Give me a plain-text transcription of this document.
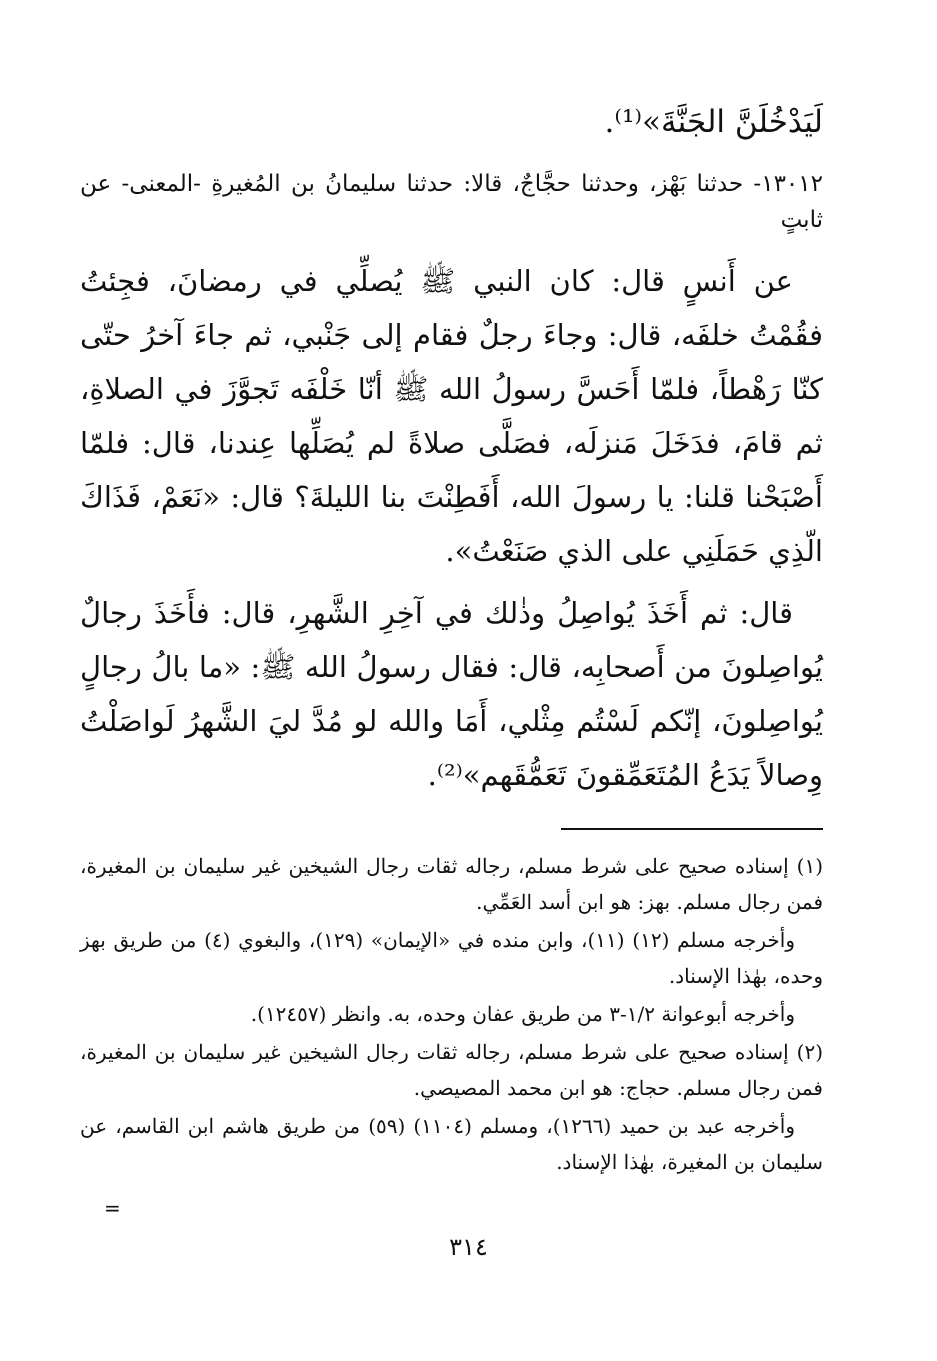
لَيَدْخُلَنَّ الجَنَّةَ»⁽¹⁾.

١٣٠١٢- حدثنا بَهْز، وحدثنا حجَّاجٌ، قالا: حدثنا سليمانُ بن المُغيرةِ -المعنى- عن ثابتٍ

عن أَنسٍ قال: كان النبي ﷺ يُصلِّي في رمضانَ، فجِئتُ فقُمْتُ خلفَه، قال: وجاءَ رجلٌ فقام إلى جَنْبي، ثم جاءَ آخرُ حتّى كنّا رَهْطاً، فلمّا أَحَسَّ رسولُ الله ﷺ أنّا خَلْفَه تَجوَّزَ في الصلاةِ، ثم قامَ، فدَخَلَ مَنزلَه، فصَلَّى صلاةً لم يُصَلِّها عِندنا، قال: فلمّا أَصْبَحْنا قلنا: يا رسولَ الله، أَفَطِنْتَ بنا الليلةَ؟ قال: «نَعَمْ، فَذَاكَ الّذِي حَمَلَنِي على الذي صَنَعْتُ».

قال: ثم أَخَذَ يُواصِلُ وذٰلك في آخِرِ الشَّهرِ، قال: فأَخَذَ رجالٌ يُواصِلونَ من أَصحابِه، قال: فقال رسولُ الله ﷺ: «ما بالُ رجالٍ يُواصِلونَ، إنّكم لَسْتُم مِثْلي، أَمَا والله لو مُدَّ ليَ الشَّهرُ لَواصَلْتُ وِصالاً يَدَعُ المُتَعَمِّقونَ تَعَمُّقَهم»⁽²⁾.

(١) إسناده صحيح على شرط مسلم، رجاله ثقات رجال الشيخين غير سليمان بن المغيرة، فمن رجال مسلم. بهز: هو ابن أسد العَمِّي.

وأخرجه مسلم (١٢) (١١)، وابن منده في «الإيمان» (١٢٩)، والبغوي (٤) من طريق بهز وحده، بهٰذا الإسناد.

وأخرجه أبوعوانة ١/٢-٣ من طريق عفان وحده، به. وانظر (١٢٤٥٧).

(٢) إسناده صحيح على شرط مسلم، رجاله ثقات رجال الشيخين غير سليمان بن المغيرة، فمن رجال مسلم. حجاج: هو ابن محمد المصيصي.

وأخرجه عبد بن حميد (١٢٦٦)، ومسلم (١١٠٤) (٥٩) من طريق هاشم ابن القاسم، عن سليمان بن المغيرة، بهٰذا الإسناد.

=
٣١٤
